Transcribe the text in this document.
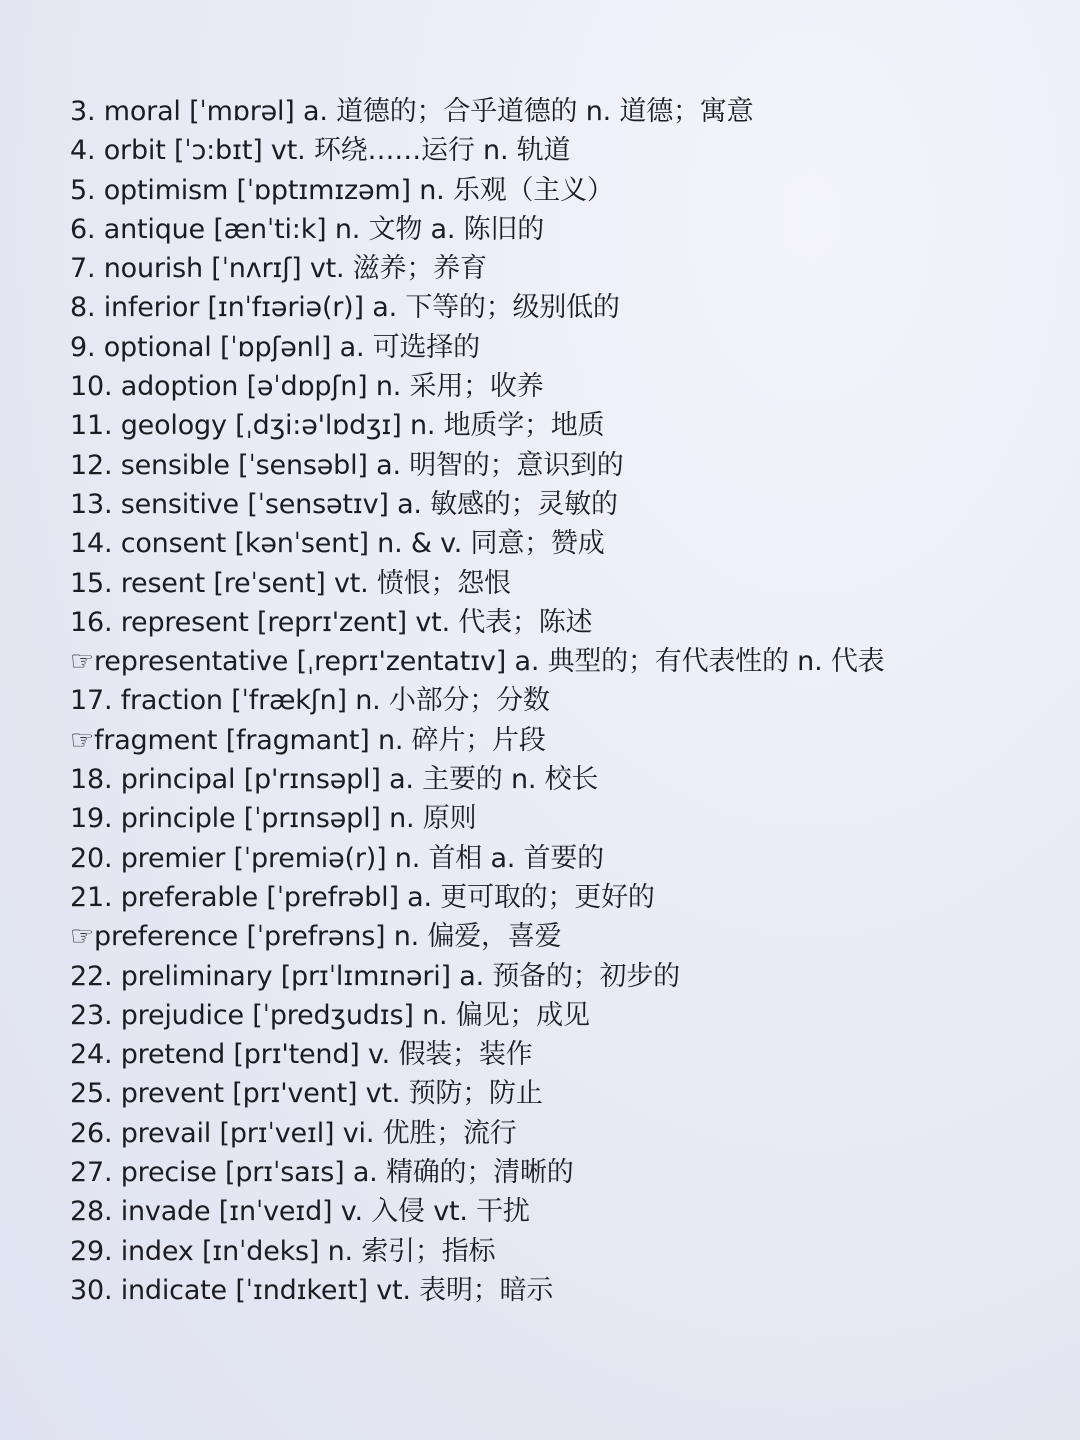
3. moral [ˈmɒrəl] a. 道德的；合乎道德的 n. 道德；寓意
4. orbit [ˈɔ:bɪt] vt. 环绕……运行 n. 轨道
5. optimism [ˈɒptɪmɪzəm] n. 乐观（主义）
6. antique [ænˈti:k] n. 文物 a. 陈旧的
7. nourish [ˈnʌrɪʃ] vt. 滋养；养育
8. inferior [ɪnˈfɪəriə(r)] a. 下等的；级别低的
9. optional [ˈɒpʃənl] a. 可选择的
10. adoption [əˈdɒpʃn] n. 采用；收养
11. geology [ˌdʒi:ə'lɒdʒɪ] n. 地质学；地质
12. sensible [ˈsensəbl] a. 明智的；意识到的
13. sensitive [ˈsensətɪv] a. 敏感的；灵敏的
14. consent [kənˈsent] n. & v. 同意；赞成
15. resent [reˈsent] vt. 愤恨；怨恨
16. represent [reprɪ'zent] vt. 代表；陈述
☞representative [ˌreprɪ'zentatɪv] a. 典型的；有代表性的 n. 代表
17. fraction [ˈfrækʃn] n. 小部分；分数
☞fragment [fragmant] n. 碎片；片段
18. principal [p'rɪnsəpl] a. 主要的 n. 校长
19. principle [ˈprɪnsəpl] n. 原则
20. premier [ˈpremiə(r)] n. 首相 a. 首要的
21. preferable [ˈprefrəbl] a. 更可取的；更好的
☞preference [ˈprefrəns] n. 偏爱，喜爱
22. preliminary [prɪˈlɪmɪnəri] a. 预备的；初步的
23. prejudice [ˈpredʒudɪs] n. 偏见；成见
24. pretend [prɪ'tend] v. 假装；装作
25. prevent [prɪ'vent] vt. 预防；防止
26. prevail [prɪˈveɪl] vi. 优胜；流行
27. precise [prɪˈsaɪs] a. 精确的；清晰的
28. invade [ɪnˈveɪd] v. 入侵 vt. 干扰
29. index [ɪnˈdeks] n. 索引；指标
30. indicate [ˈɪndɪkeɪt] vt. 表明；暗示
